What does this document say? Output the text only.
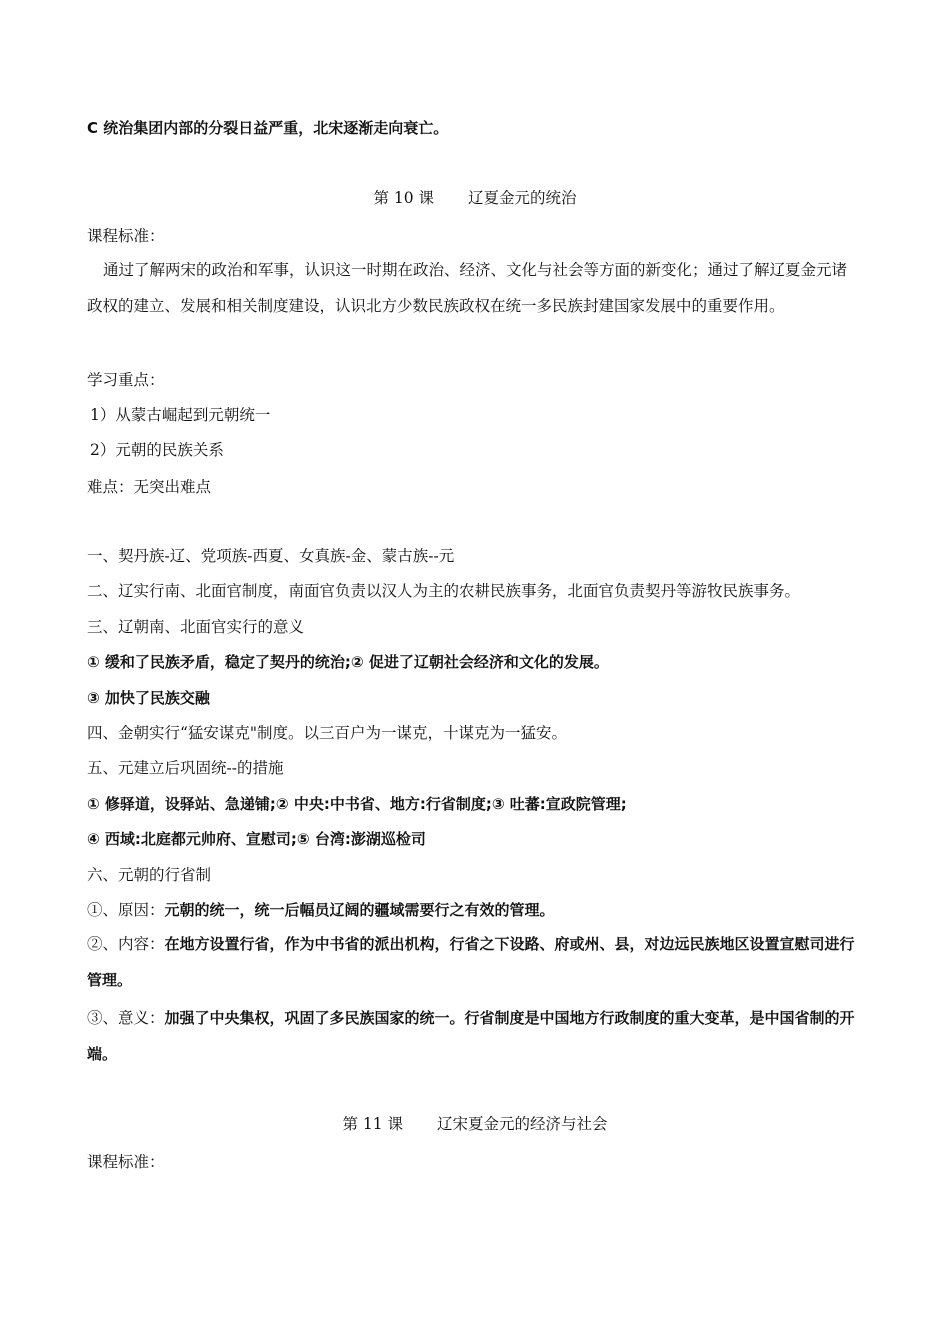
C 统治集团内部的分裂日益严重，北宋逐渐走向衰亡。
第 10 课 辽夏金元的统治
课程标准：
通过了解两宋的政治和军事，认识这一时期在政治、经济、文化与社会等方面的新变化；通过了解辽夏金元诸政权的建立、发展和相关制度建设，认识北方少数民族政权在统一多民族封建国家发展中的重要作用。
学习重点：
1）从蒙古崛起到元朝统一
2）元朝的民族关系
难点：无突出难点
一、契丹族-辽、党项族-西夏、女真族-金、蒙古族--元
二、辽实行南、北面官制度，南面官负责以汉人为主的农耕民族事务，北面官负责契丹等游牧民族事务。
三、辽朝南、北面官实行的意义
① 缓和了民族矛盾，稳定了契丹的统治;② 促进了辽朝社会经济和文化的发展。
③ 加快了民族交融
四、金朝实行“猛安谋克"制度。以三百户为一谋克，十谋克为一猛安。
五、元建立后巩固统--的措施
① 修驿道，设驿站、急递铺;② 中央:中书省、地方:行省制度;③ 吐蕃:宣政院管理;
④ 西域:北庭都元帅府、宣慰司;⑤ 台湾:澎湖巡检司
六、元朝的行省制
①、原因：元朝的统一，统一后幅员辽阔的疆域需要行之有效的管理。
②、内容：在地方设置行省，作为中书省的派出机构，行省之下设路、府或州、县，对边远民族地区设置宣慰司进行管理。
③、意义：加强了中央集权，巩固了多民族国家的统一。行省制度是中国地方行政制度的重大变革，是中国省制的开端。
第 11 课 辽宋夏金元的经济与社会
课程标准：
